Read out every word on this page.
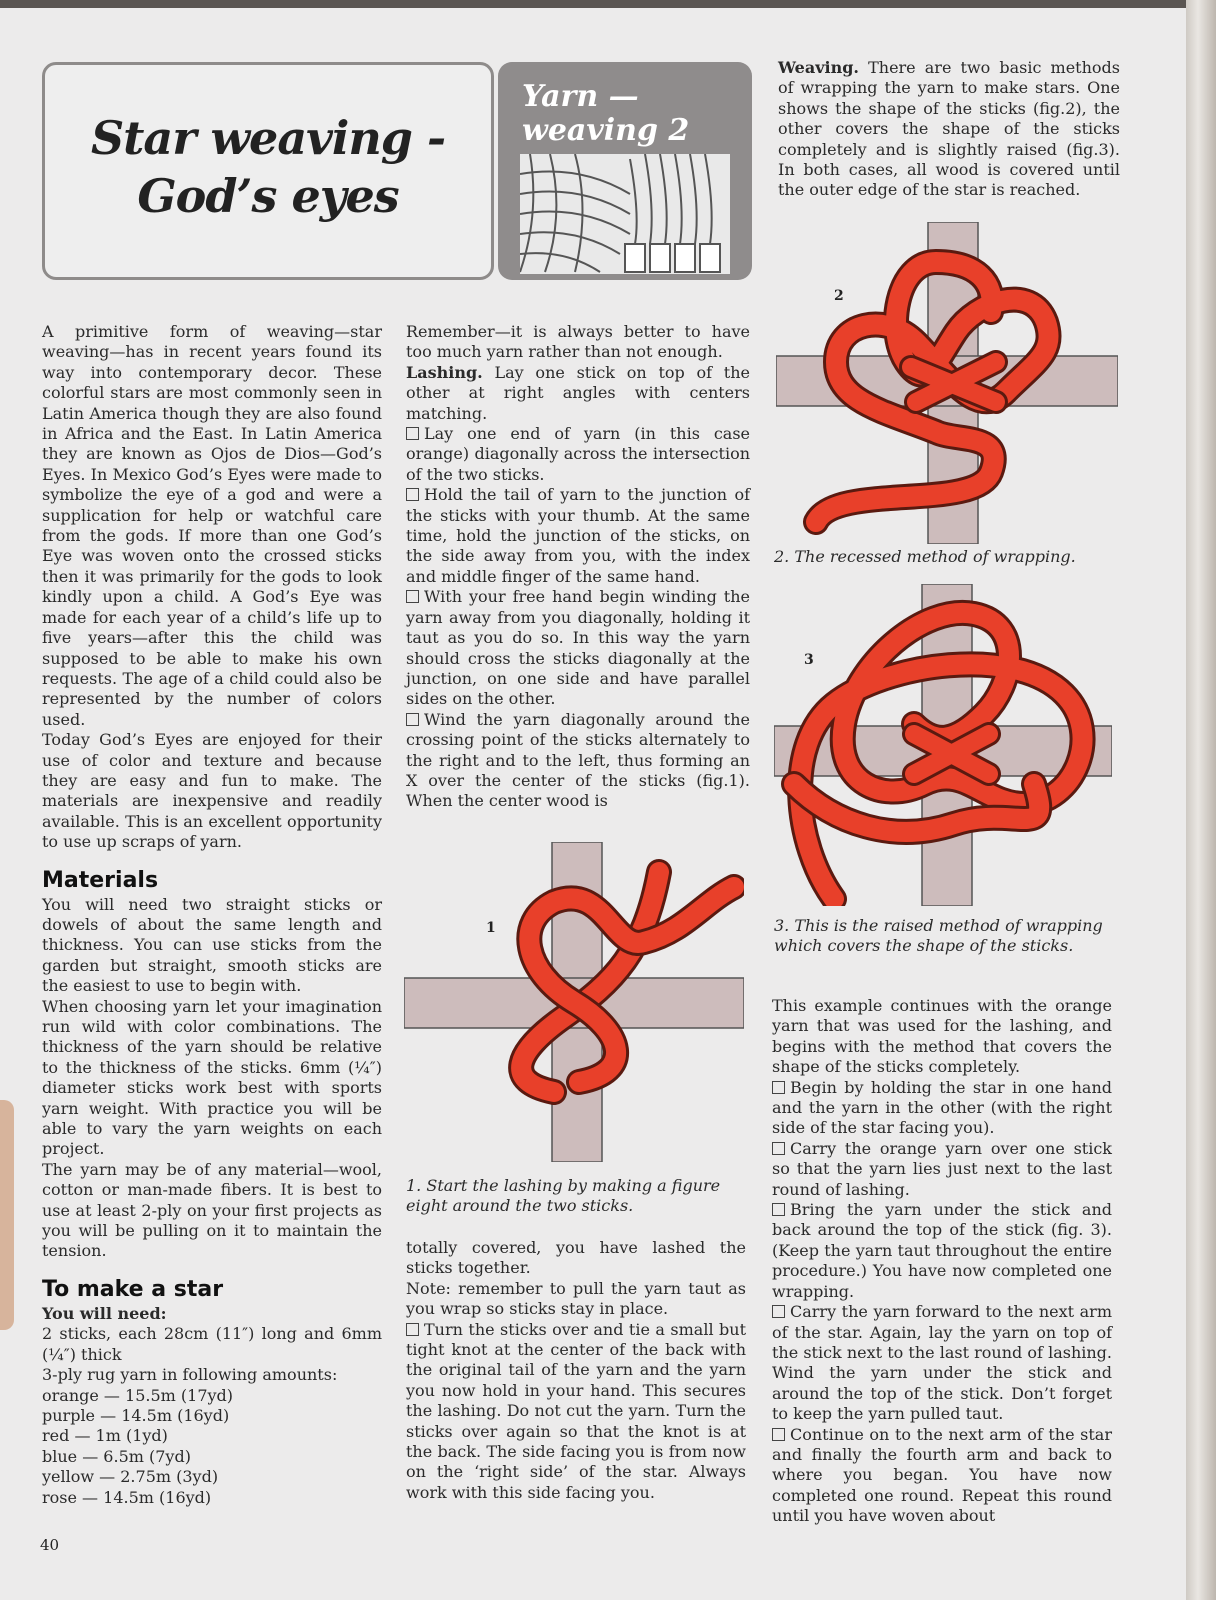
Star weaving -
God’s eyes
Yarn —
weaving 2

A primitive form of weaving—star weaving—has in recent years found its way into contemporary decor. These colorful stars are most commonly seen in Latin America though they are also found in Africa and the East. In Latin America they are known as Ojos de Dios—God’s Eyes. In Mexico God’s Eyes were made to symbolize the eye of a god and were a supplication for help or watchful care from the gods. If more than one God’s Eye was woven onto the crossed sticks then it was primarily for the gods to look kindly upon a child. A God’s Eye was made for each year of a child’s life up to five years—after this the child was supposed to be able to make his own requests. The age of a child could also be represented by the number of colors used.

Today God’s Eyes are enjoyed for their use of color and texture and because they are easy and fun to make. The materials are inexpensive and readily available. This is an excellent opportunity to use up scraps of yarn.

Materials

You will need two straight sticks or dowels of about the same length and thickness. You can use sticks from the garden but straight, smooth sticks are the easiest to use to begin with.

When choosing yarn let your imagination run wild with color combinations. The thickness of the yarn should be relative to the thickness of the sticks. 6mm (¼″) diameter sticks work best with sports yarn weight. With practice you will be able to vary the yarn weights on each project.

The yarn may be of any material—wool, cotton or man-made fibers. It is best to use at least 2-ply on your first projects as you will be pulling on it to maintain the tension.

To make a star

You will need:

2 sticks, each 28cm (11″) long and 6mm (¼″) thick

3-ply rug yarn in following amounts:

orange — 15.5m (17yd)

purple — 14.5m (16yd)

red — 1m (1yd)

blue — 6.5m (7yd)

yellow — 2.75m (3yd)

rose — 14.5m (16yd)

Remember—it is always better to have too much yarn rather than not enough.

Lashing. Lay one stick on top of the other at right angles with centers matching.

Lay one end of yarn (in this case orange) diagonally across the intersection of the two sticks.

Hold the tail of yarn to the junction of the sticks with your thumb. At the same time, hold the junction of the sticks, on the side away from you, with the index and middle finger of the same hand.

With your free hand begin winding the yarn away from you diagonally, holding it taut as you do so. In this way the yarn should cross the sticks diagonally at the junction, on one side and have parallel sides on the other.

Wind the yarn diagonally around the crossing point of the sticks alternately to the right and to the left, thus forming an X over the center of the sticks (fig.1). When the center wood is

1
1. Start the lashing by making a figure eight around the two sticks.

totally covered, you have lashed the sticks together.

Note: remember to pull the yarn taut as you wrap so sticks stay in place.

Turn the sticks over and tie a small but tight knot at the center of the back with the original tail of the yarn and the yarn you now hold in your hand. This secures the lashing. Do not cut the yarn. Turn the sticks over again so that the knot is at the back. The side facing you is from now on the ‘right side’ of the star. Always work with this side facing you.

Weaving. There are two basic methods of wrapping the yarn to make stars. One shows the shape of the sticks (fig.2), the other covers the shape of the sticks completely and is slightly raised (fig.3). In both cases, all wood is covered until the outer edge of the star is reached.

2
2. The recessed method of wrapping.
3
3. This is the raised method of wrapping which covers the shape of the sticks.

This example continues with the orange yarn that was used for the lashing, and begins with the method that covers the shape of the sticks completely.

Begin by holding the star in one hand and the yarn in the other (with the right side of the star facing you).

Carry the orange yarn over one stick so that the yarn lies just next to the last round of lashing.

Bring the yarn under the stick and back around the top of the stick (fig. 3). (Keep the yarn taut throughout the entire procedure.) You have now completed one wrapping.

Carry the yarn forward to the next arm of the star. Again, lay the yarn on top of the stick next to the last round of lashing. Wind the yarn under the stick and around the top of the stick. Don’t forget to keep the yarn pulled taut.

Continue on to the next arm of the star and finally the fourth arm and back to where you began. You have now completed one round. Repeat this round until you have woven about

40
